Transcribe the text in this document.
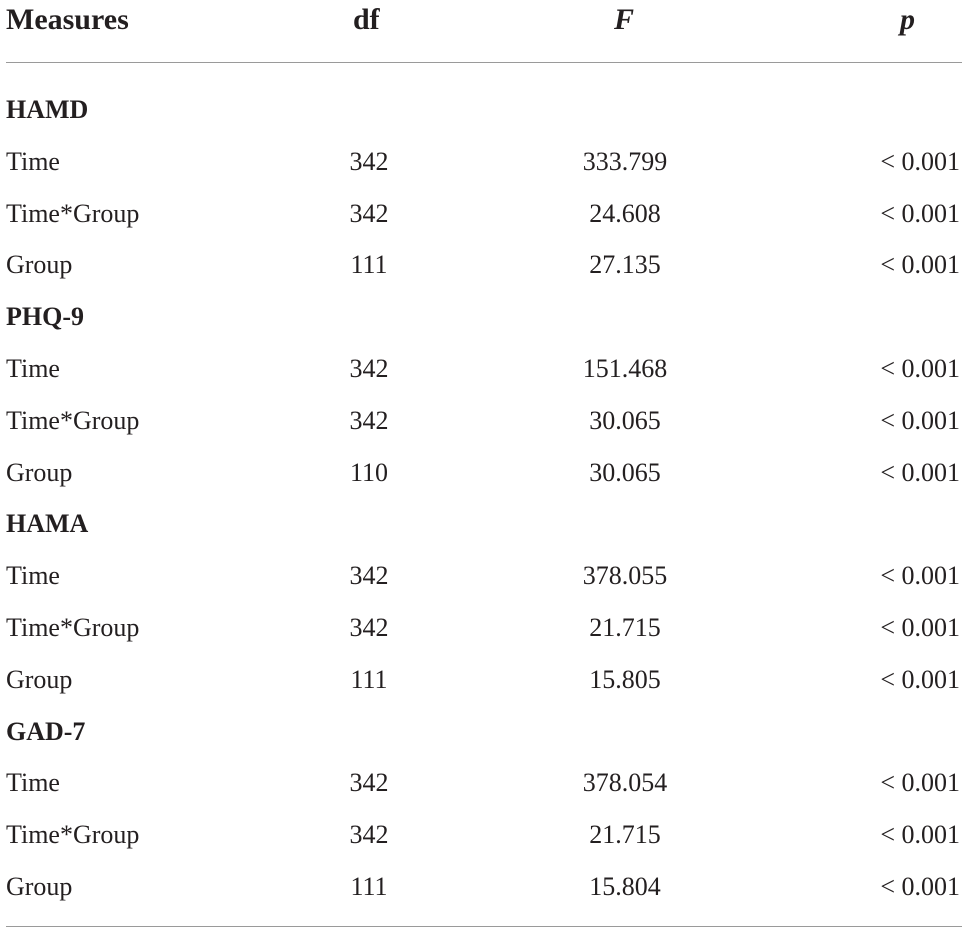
Measures	df	F	p
HAMD
Time	342	333.799	< 0.001
Time*Group	342	24.608	< 0.001
Group	111	27.135	< 0.001
PHQ-9
Time	342	151.468	< 0.001
Time*Group	342	30.065	< 0.001
Group	110	30.065	< 0.001
HAMA
Time	342	378.055	< 0.001
Time*Group	342	21.715	< 0.001
Group	111	15.805	< 0.001
GAD-7
Time	342	378.054	< 0.001
Time*Group	342	21.715	< 0.001
Group	111	15.804	< 0.001
